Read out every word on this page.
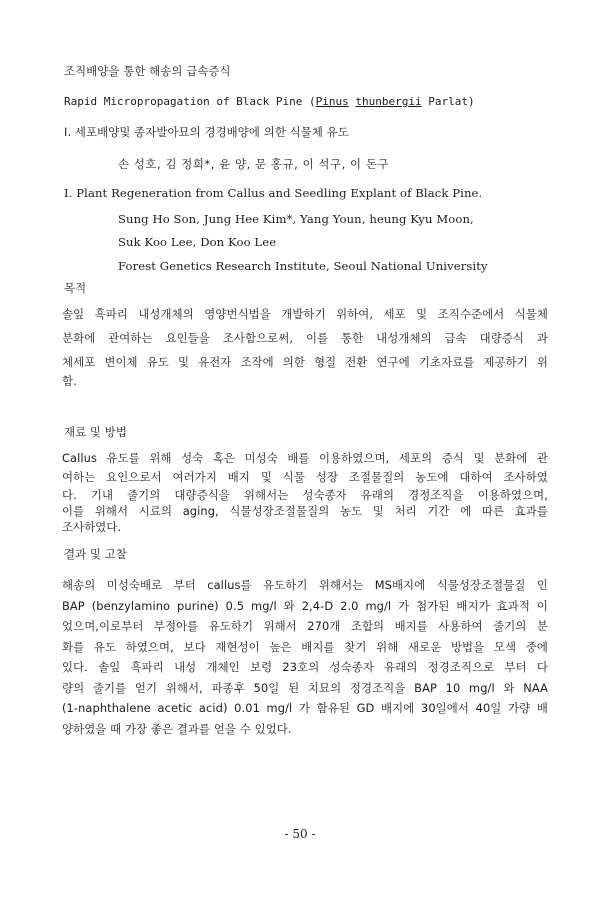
조직배양을 통한 해송의 급속증식
Rapid Micropropagation of Black Pine (Pinus thunbergii Parlat)
I. 세포배양및 종자발아묘의 경경배양에 의한 식물체 유도
손 성호, 김 정희*, 윤 양, 문 홍규, 이 석구, 이 돈구
I. Plant Regeneration from Callus and Seedling Explant of Black Pine.
Sung Ho Son, Jung Hee Kim*, Yang Youn, heung Kyu Moon,
Suk Koo Lee, Don Koo Lee
Forest Genetics Research Institute, Seoul National University
목적
솔잎 흑파리 내성개체의 영양번식법을 개발하기 위하여, 세포 및 조직수준에서 식물체
분화에 관여하는 요인들을 조사함으로써, 이를 통한 내성개체의 급속 대량증식 과
체세포 변이체 유도 및 유전자 조작에 의한 형질 전환 연구에 기초자료를 제공하기 위
함.
재료 및 방법
Callus 유도를 위해 성숙 혹은 미성숙 배를 이용하였으며, 세포의 증식 및 분화에 관
여하는 요인으로서 여러가지 배지 및 식물 성장 조절물질의 농도에 대하여 조사하였
다. 기내 줄기의 대량증식을 위해서는 성숙종자 유래의 경정조직을 이용하였으며,
이를 위해서 시료의 aging, 식물성장조절물질의 농도 및 처리 기간 에 따른 효과를
조사하였다.
결과 및 고찰
해송의 미성숙배로 부터 callus를 유도하기 위해서는 MS배지에 식물성장조절물질 인
BAP (benzylamino purine) 0.5 mg/l 와 2,4-D 2.0 mg/l 가 첨가된 배지가 효과적 이
었으며,이로부터 부정아를 유도하기 위해서 270개 조합의 배지를 사용하여 줄기의 분
화를 유도 하였으며, 보다 재현성이 높은 배지를 찾기 위해 새로운 방법을 모색 중에
있다. 솔잎 흑파리 내성 개체인 보령 23호의 성숙종자 유래의 정경조직으로 부터 다
량의 줄기를 얻기 위해서, 파종후 50일 된 치묘의 정경조직을 BAP 10 mg/l 와 NAA
(1-naphthalene acetic acid) 0.01 mg/l 가 함유된 GD 배지에 30일에서 40일 가량 배
양하였을 때 가장 좋은 결과를 얻을 수 있었다.
- 50 -
